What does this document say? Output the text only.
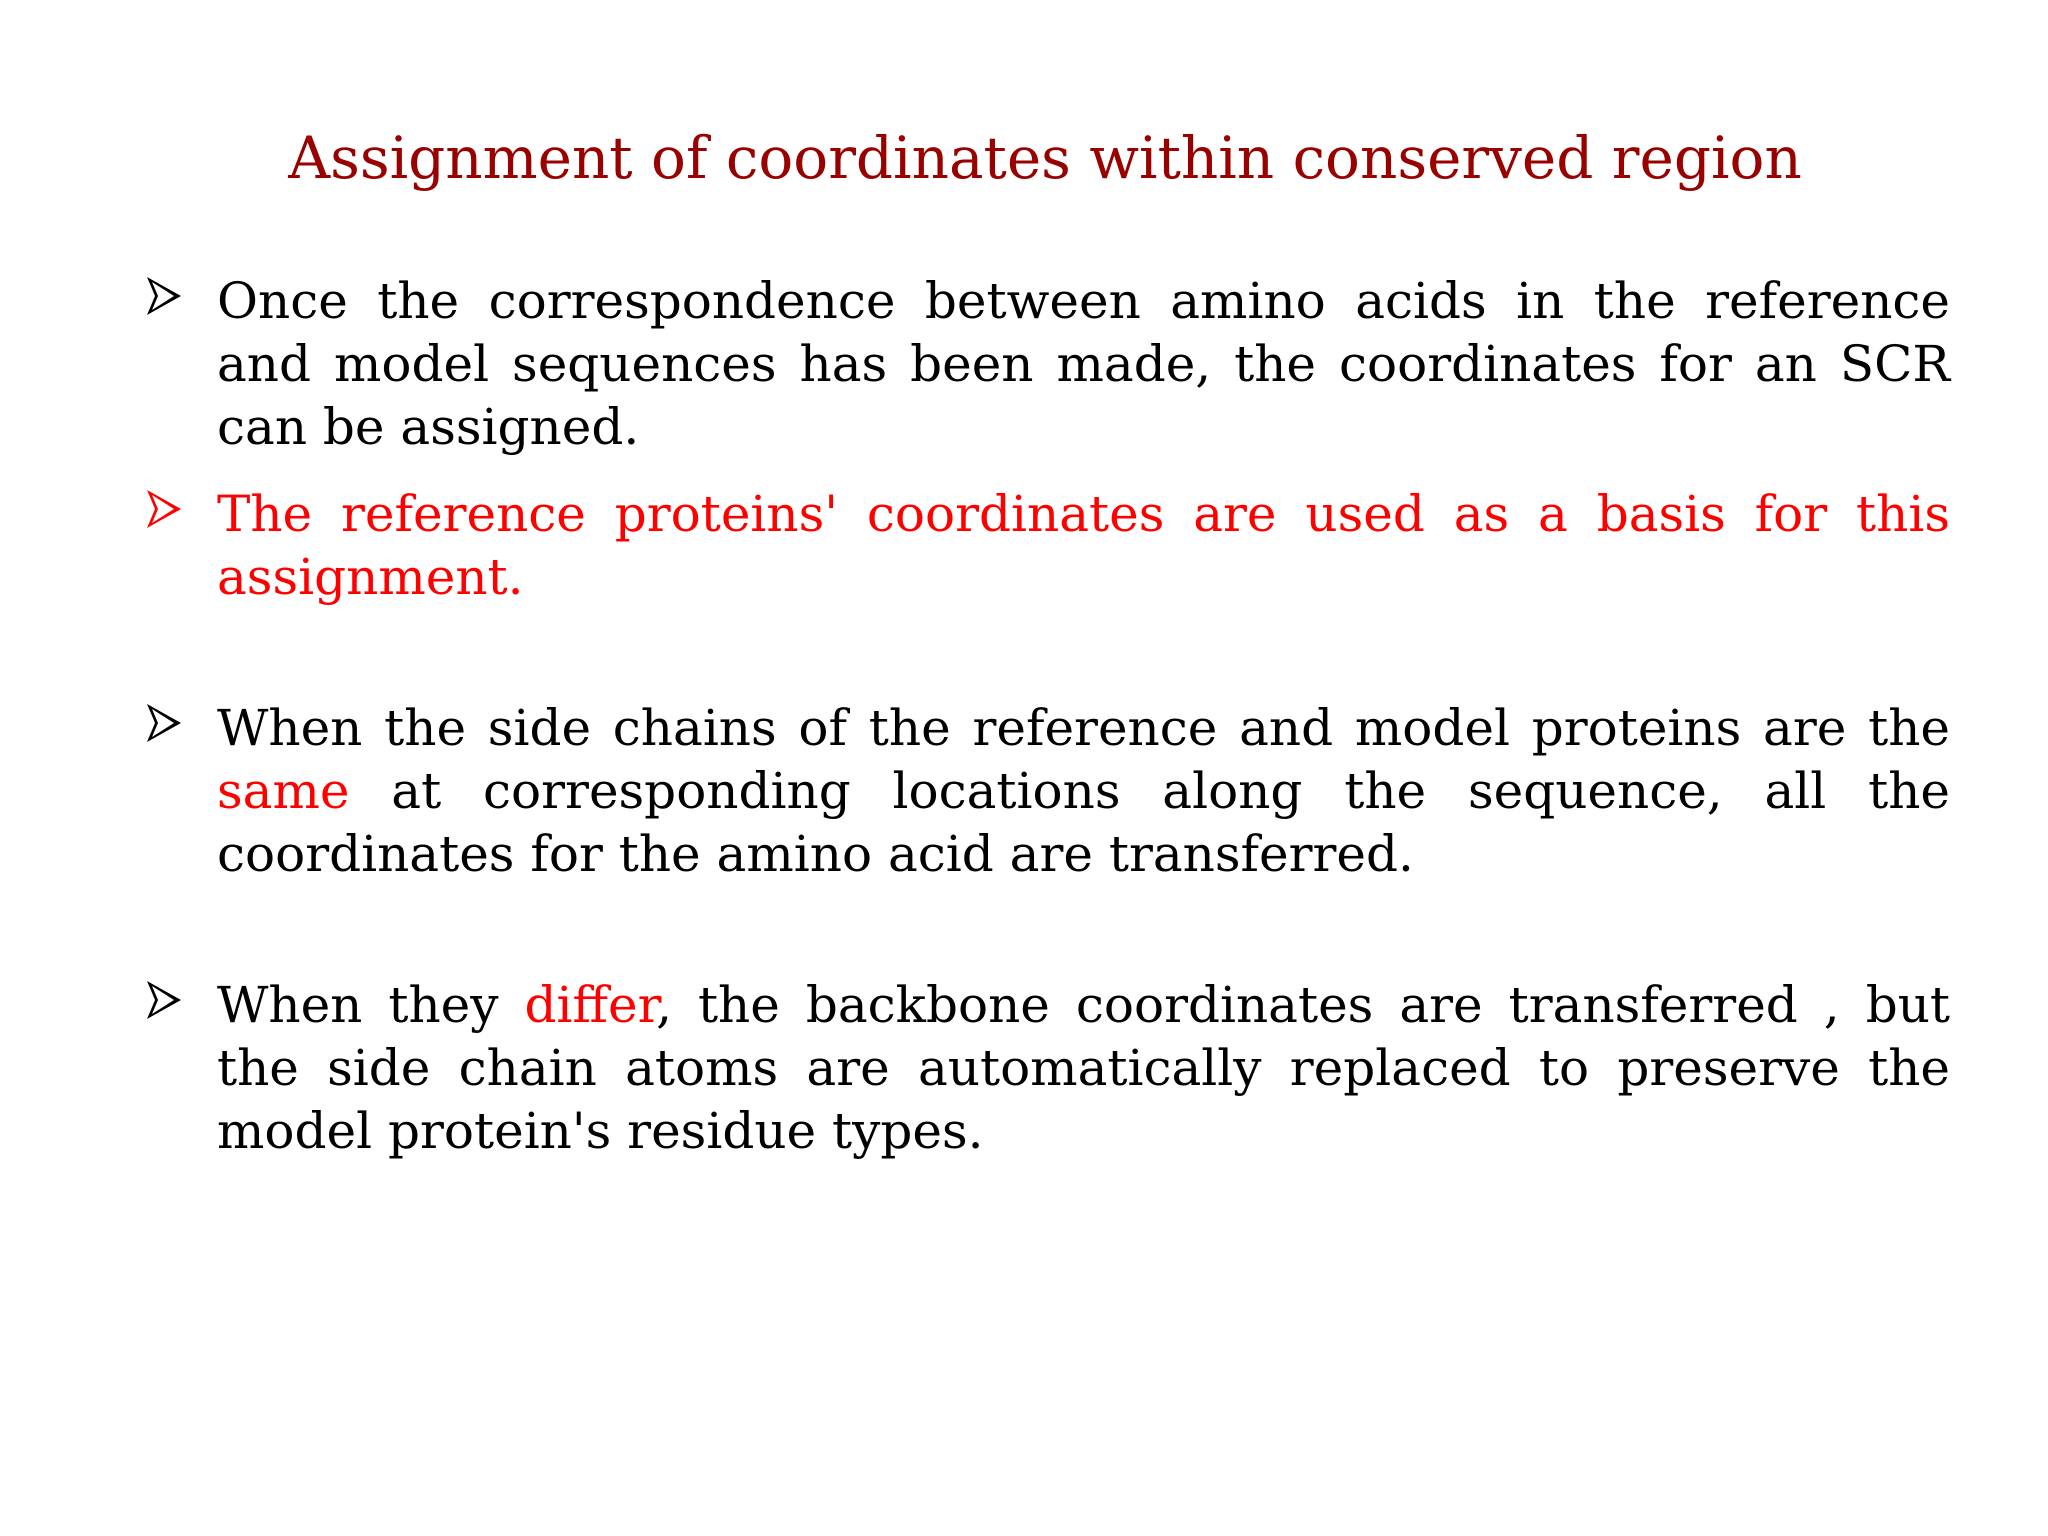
Assignment of coordinates within conserved region

Once the correspondence between amino acids in the reference and model sequences has been made, the coordinates for an SCR can be assigned.

The reference proteins' coordinates are used as a basis for this assignment.

When the side chains of the reference and model proteins are the same at corresponding locations along the sequence, all the coordinates for the amino acid are transferred.

When they differ, the backbone coordinates are transferred , but the side chain atoms are automatically replaced to preserve the model protein's residue types.
